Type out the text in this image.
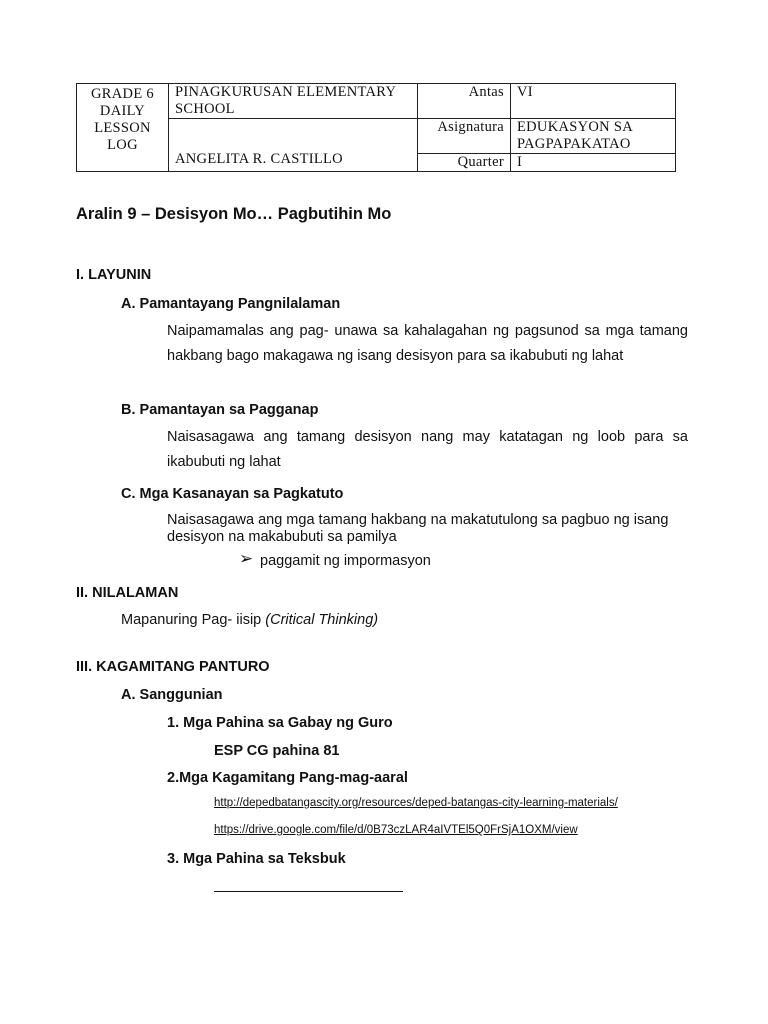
GRADE 6 DAILY LESSON LOG	PINAGKURUSAN ELEMENTARY SCHOOL	Antas	VI
	ANGELITA R. CASTILLO	Asignatura	EDUKASYON SA PAGPAPAKATAO
		Quarter	I
Aralin 9 – Desisyon Mo… Pagbutihin Mo
I. LAYUNIN
A. Pamantayang Pangnilalaman
Naipamamalas ang pag- unawa sa kahalagahan ng pagsunod sa mga tamang hakbang bago makagawa ng isang desisyon para sa ikabubuti ng lahat
B. Pamantayan sa Pagganap
Naisasagawa ang tamang desisyon nang may katatagan ng loob para sa ikabubuti ng lahat
C. Mga Kasanayan sa Pagkatuto
Naisasagawa ang mga tamang hakbang na makatutulong sa pagbuo ng isang desisyon na makabubuti sa pamilya
➢ paggamit ng impormasyon
II. NILALAMAN
Mapanuring Pag- iisip (Critical Thinking)
III. KAGAMITANG PANTURO
A. Sanggunian
1. Mga Pahina sa Gabay ng Guro
ESP CG pahina 81
2.Mga Kagamitang Pang-mag-aaral
http://depedbatangascity.org/resources/deped-batangas-city-learning-materials/
https://drive.google.com/file/d/0B73czLAR4aIVTEl5Q0FrSjA1OXM/view
3. Mga Pahina sa Teksbuk
